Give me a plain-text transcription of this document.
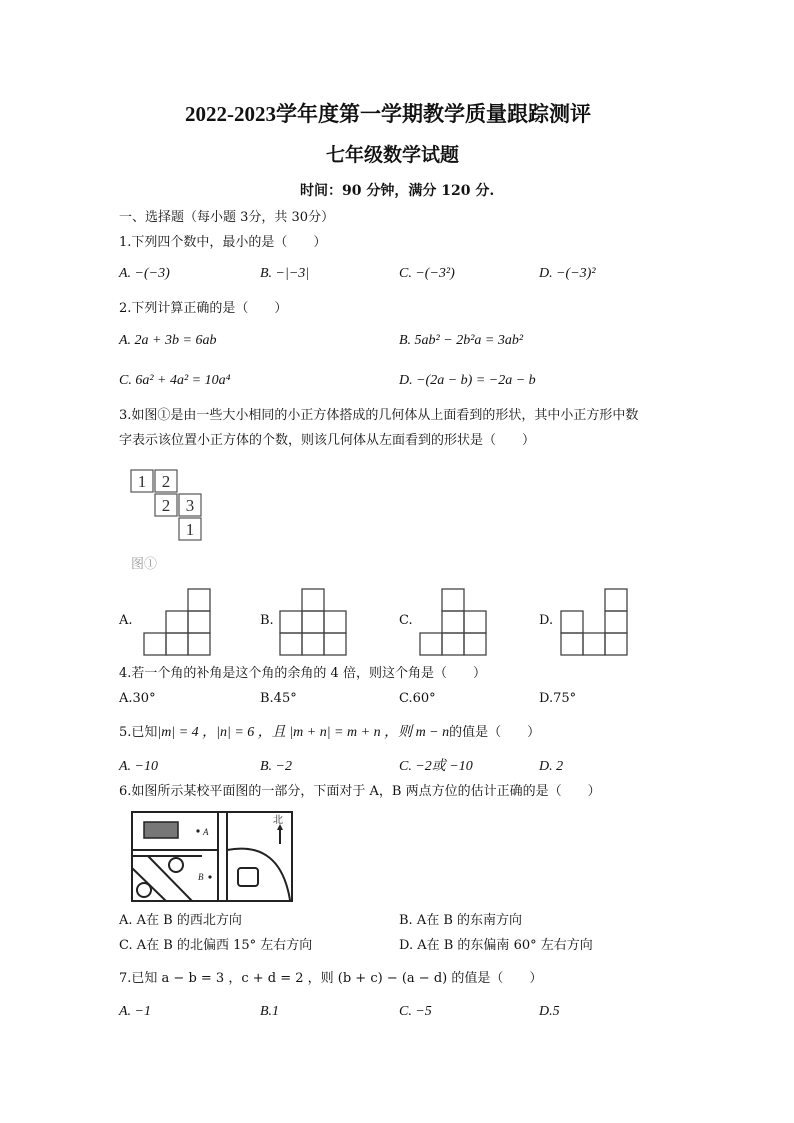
2022-2023学年度第一学期教学质量跟踪测评
七年级数学试题
时间：90 分钟，满分 120 分.
一、选择题（每小题 3分，共 30分）
1.下列四个数中，最小的是（　　）
A. −(−3)	B. −|−3|	C. −(−3²)	D. −(−3)²
2.下列计算正确的是（　　）
A. 2a + 3b = 6ab	B. 5ab² − 2b²a = 3ab²
C. 6a² + 4a² = 10a⁴	D. −(2a − b) = −2a − b
3.如图①是由一些大小相同的小正方体搭成的几何体从上面看到的形状，其中小正方形中数
字表示该位置小正方体的个数，则该几何体从左面看到的形状是（　　）
1 2
2 3
1
图①
A.	B.	C.	D.
4.若一个角的补角是这个角的余角的 4 倍，则这个角是（　　）
A.30°	B.45°	C.60°	D.75°
5.已知|m| = 4 ，|n| = 6 ，且 |m + n| = m + n ，则 m − n的值是（　　）
A. −10	B. −2	C. −2或 −10	D. 2
6.如图所示某校平面图的一部分，下面对于 A，B 两点方位的估计正确的是（　　）
A
B
北
A. A在 B 的西北方向	B. A在 B 的东南方向
C. A在 B 的北偏西 15° 左右方向	D. A在 B 的东偏南 60° 左右方向
7.已知 a − b = 3 ，c + d = 2 ，则 (b + c) − (a − d) 的值是（　　）
A. −1	B.1	C. −5	D.5
